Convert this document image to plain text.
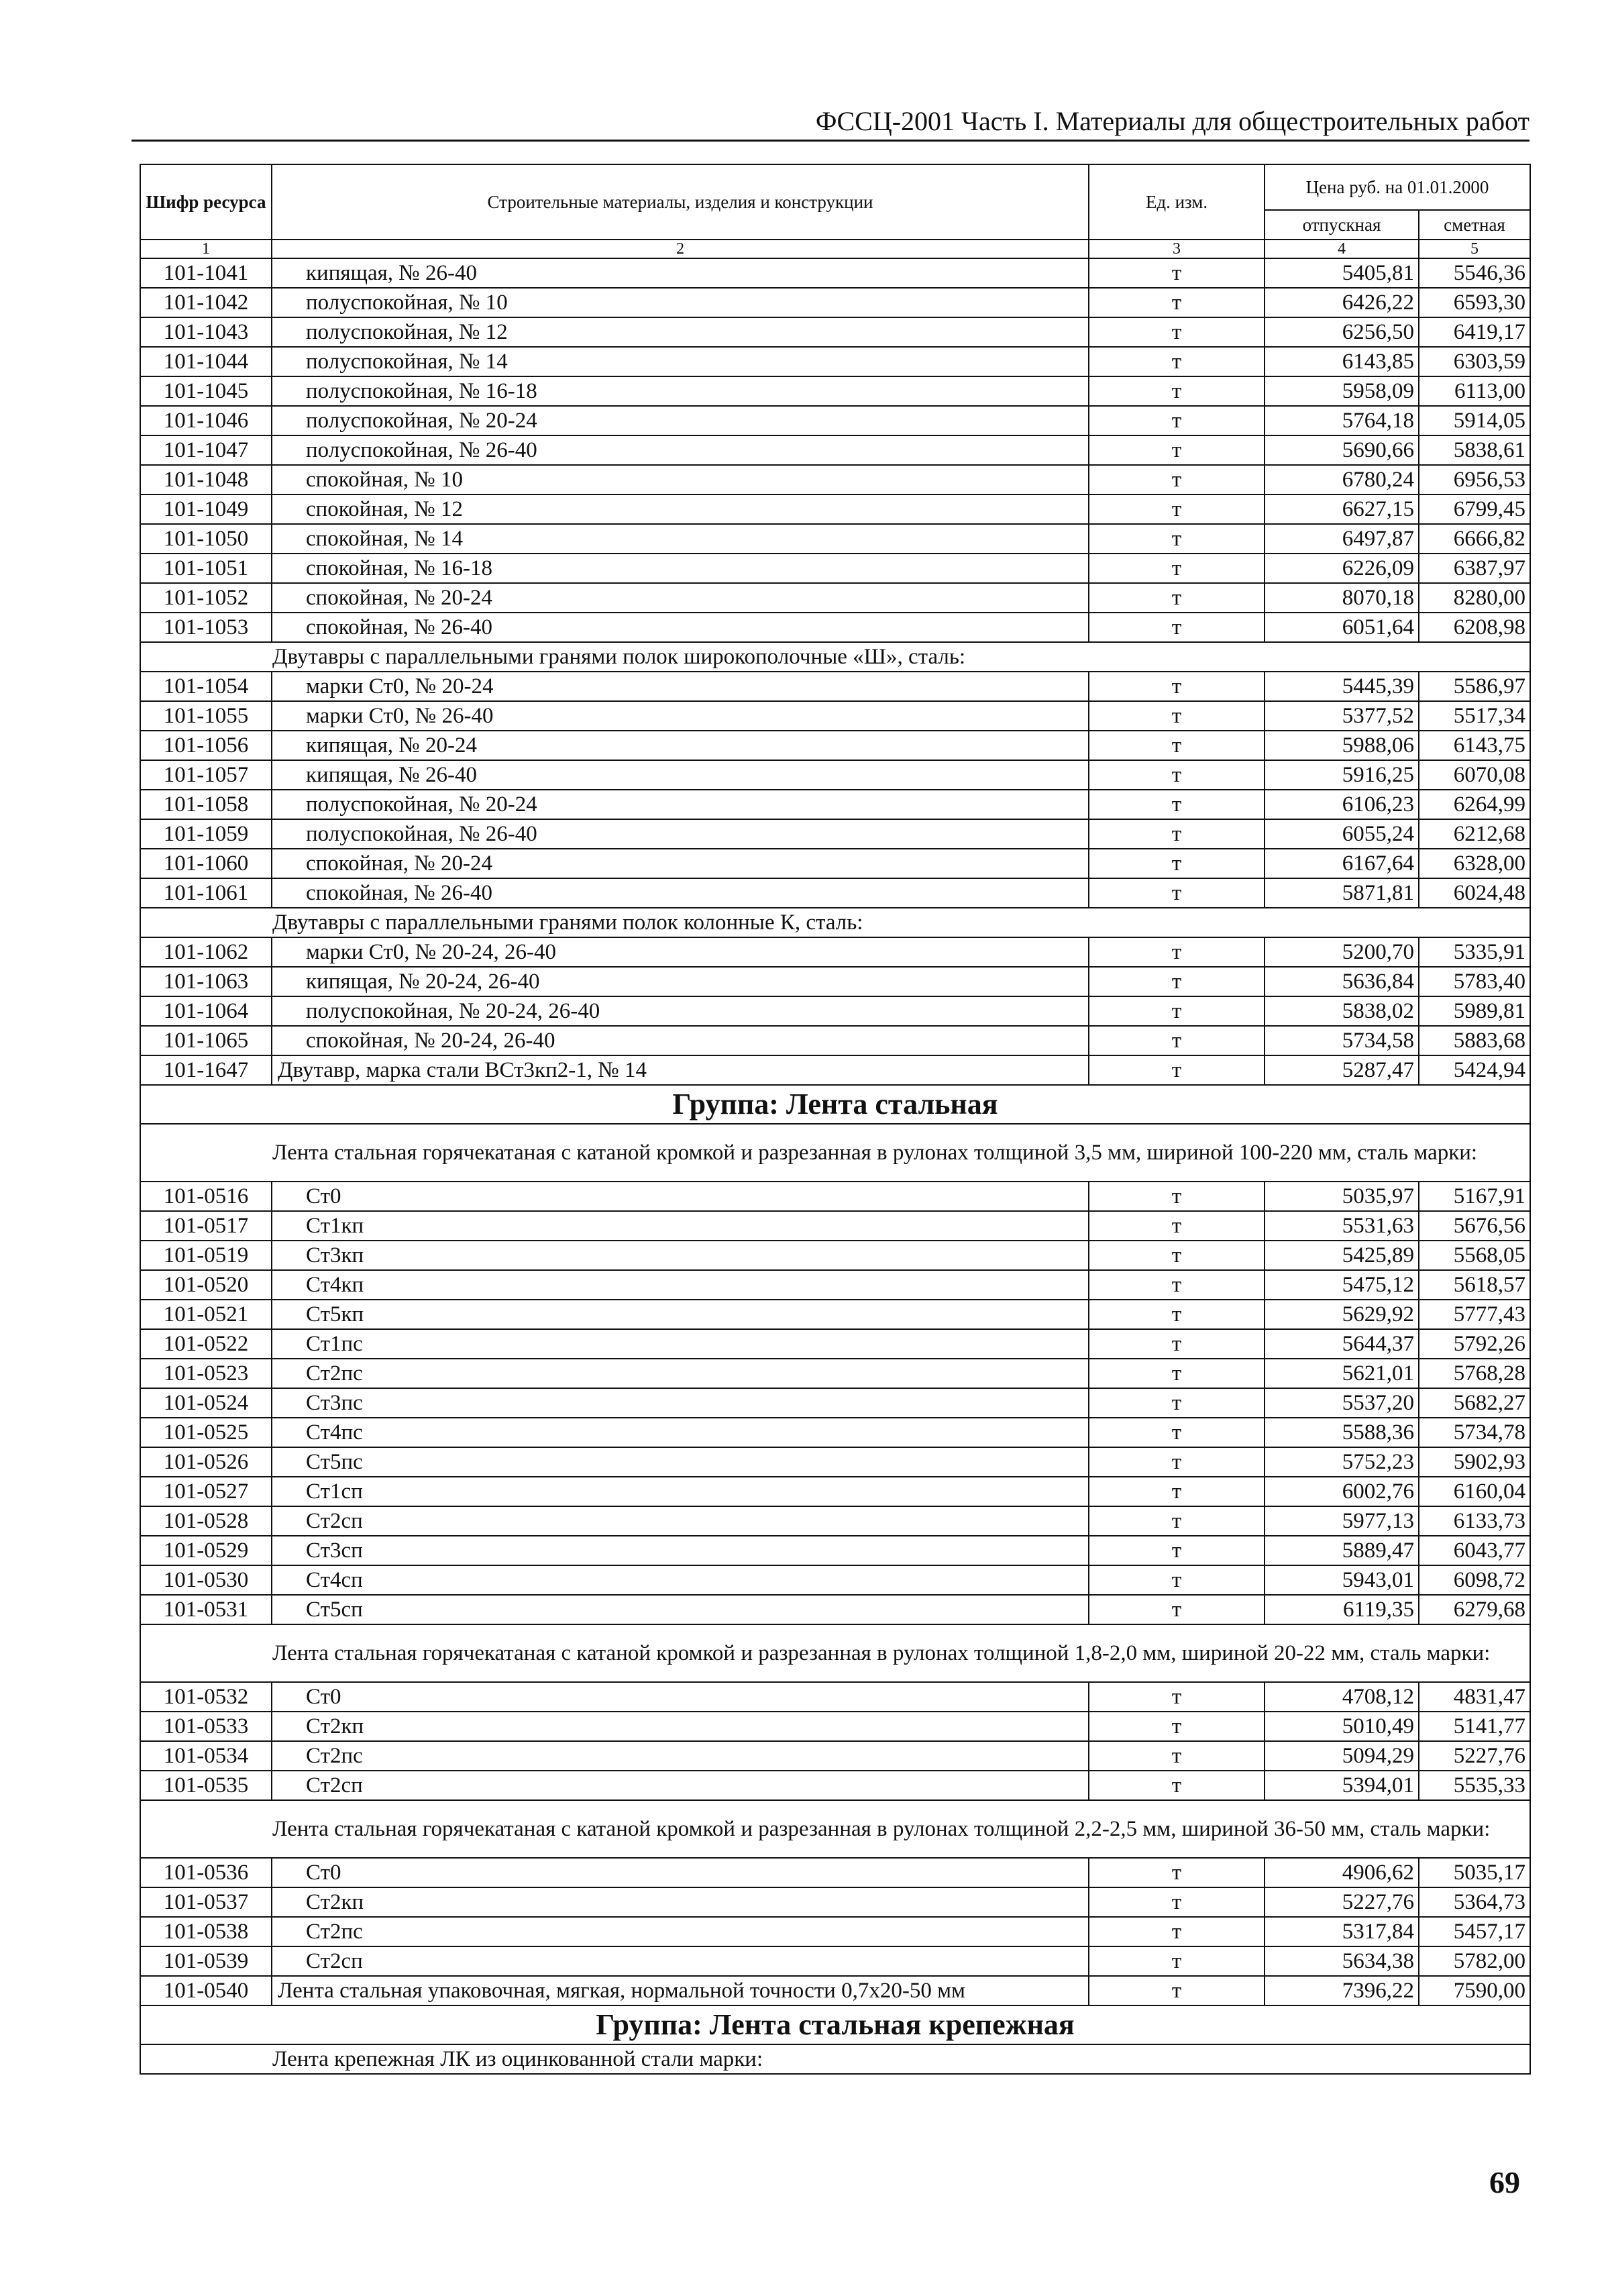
ФССЦ-2001 Часть I. Материалы для общестроительных работ
Шифр ресурса	Строительные материалы, изделия и конструкции	Ед. изм.	Цена руб. на 01.01.2000	
			отпускная	сметная
1	2	3	4	5
101-1041	кипящая, № 26-40	т	5405,81	5546,36
101-1042	полуспокойная, № 10	т	6426,22	6593,30
101-1043	полуспокойная, № 12	т	6256,50	6419,17
101-1044	полуспокойная, № 14	т	6143,85	6303,59
101-1045	полуспокойная, № 16-18	т	5958,09	6113,00
101-1046	полуспокойная, № 20-24	т	5764,18	5914,05
101-1047	полуспокойная, № 26-40	т	5690,66	5838,61
101-1048	спокойная, № 10	т	6780,24	6956,53
101-1049	спокойная, № 12	т	6627,15	6799,45
101-1050	спокойная, № 14	т	6497,87	6666,82
101-1051	спокойная, № 16-18	т	6226,09	6387,97
101-1052	спокойная, № 20-24	т	8070,18	8280,00
101-1053	спокойная, № 26-40	т	6051,64	6208,98
Двутавры с параллельными гранями полок широкополочные «Ш», сталь:				
101-1054	марки Ст0, № 20-24	т	5445,39	5586,97
101-1055	марки Ст0, № 26-40	т	5377,52	5517,34
101-1056	кипящая, № 20-24	т	5988,06	6143,75
101-1057	кипящая, № 26-40	т	5916,25	6070,08
101-1058	полуспокойная, № 20-24	т	6106,23	6264,99
101-1059	полуспокойная, № 26-40	т	6055,24	6212,68
101-1060	спокойная, № 20-24	т	6167,64	6328,00
101-1061	спокойная, № 26-40	т	5871,81	6024,48
Двутавры с параллельными гранями полок колонные К, сталь:				
101-1062	марки Ст0, № 20-24, 26-40	т	5200,70	5335,91
101-1063	кипящая, № 20-24, 26-40	т	5636,84	5783,40
101-1064	полуспокойная, № 20-24, 26-40	т	5838,02	5989,81
101-1065	спокойная, № 20-24, 26-40	т	5734,58	5883,68
101-1647	Двутавр, марка стали ВСт3кп2-1, № 14	т	5287,47	5424,94
Группа: Лента стальная				
Лента стальная горячекатаная с катаной кромкой и разрезанная в рулонах толщиной 3,5 мм, шириной 100-220 мм, сталь марки:				
101-0516	Ст0	т	5035,97	5167,91
101-0517	Ст1кп	т	5531,63	5676,56
101-0519	Ст3кп	т	5425,89	5568,05
101-0520	Ст4кп	т	5475,12	5618,57
101-0521	Ст5кп	т	5629,92	5777,43
101-0522	Ст1пс	т	5644,37	5792,26
101-0523	Ст2пс	т	5621,01	5768,28
101-0524	Ст3пс	т	5537,20	5682,27
101-0525	Ст4пс	т	5588,36	5734,78
101-0526	Ст5пс	т	5752,23	5902,93
101-0527	Ст1сп	т	6002,76	6160,04
101-0528	Ст2сп	т	5977,13	6133,73
101-0529	Ст3сп	т	5889,47	6043,77
101-0530	Ст4сп	т	5943,01	6098,72
101-0531	Ст5сп	т	6119,35	6279,68
Лента стальная горячекатаная с катаной кромкой и разрезанная в рулонах толщиной 1,8-2,0 мм, шириной 20-22 мм, сталь марки:				
101-0532	Ст0	т	4708,12	4831,47
101-0533	Ст2кп	т	5010,49	5141,77
101-0534	Ст2пс	т	5094,29	5227,76
101-0535	Ст2сп	т	5394,01	5535,33
Лента стальная горячекатаная с катаной кромкой и разрезанная в рулонах толщиной 2,2-2,5 мм, шириной 36-50 мм, сталь марки:				
101-0536	Ст0	т	4906,62	5035,17
101-0537	Ст2кп	т	5227,76	5364,73
101-0538	Ст2пс	т	5317,84	5457,17
101-0539	Ст2сп	т	5634,38	5782,00
101-0540	Лента стальная упаковочная, мягкая, нормальной точности 0,7х20-50 мм	т	7396,22	7590,00
Группа: Лента стальная крепежная				
Лента крепежная ЛК из оцинкованной стали марки:				
69
